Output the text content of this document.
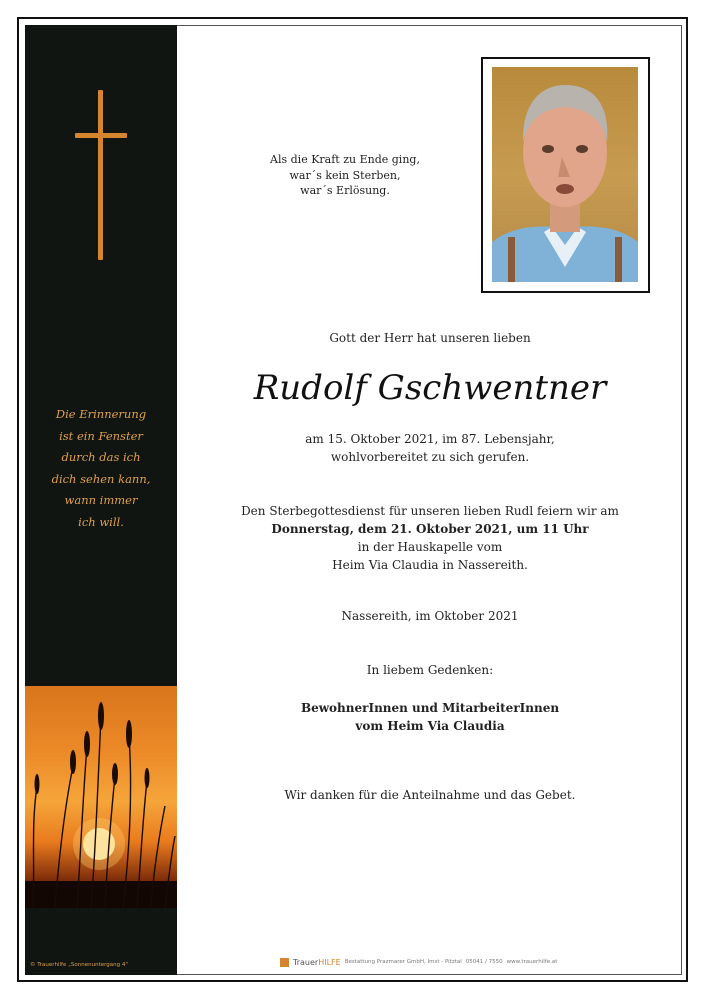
Die Erinnerung
ist ein Fenster
durch das ich
dich sehen kann,
wann immer
ich will.
© Trauerhilfe „Sonnenuntergang 4“
Als die Kraft zu Ende ging,
war´s kein Sterben,
war´s Erlösung.
Gott der Herr hat unseren lieben
Rudolf Gschwentner
am 15. Oktober 2021, im 87. Lebensjahr,
wohlvorbereitet zu sich gerufen.
Den Sterbegottesdienst für unseren lieben Rudl feiern wir am
Donnerstag, dem 21. Oktober 2021, um 11 Uhr
in der Hauskapelle vom
Heim Via Claudia in Nassereith.
Nassereith, im Oktober 2021
In liebem Gedenken:
BewohnerInnen und MitarbeiterInnen
vom Heim Via Claudia
Wir danken für die Anteilnahme und das Gebet.
TrauerHILFE Bestattung Prazmarer GmbH, Imst - Pitztal 05041 / 7550 www.trauerhilfe.at
